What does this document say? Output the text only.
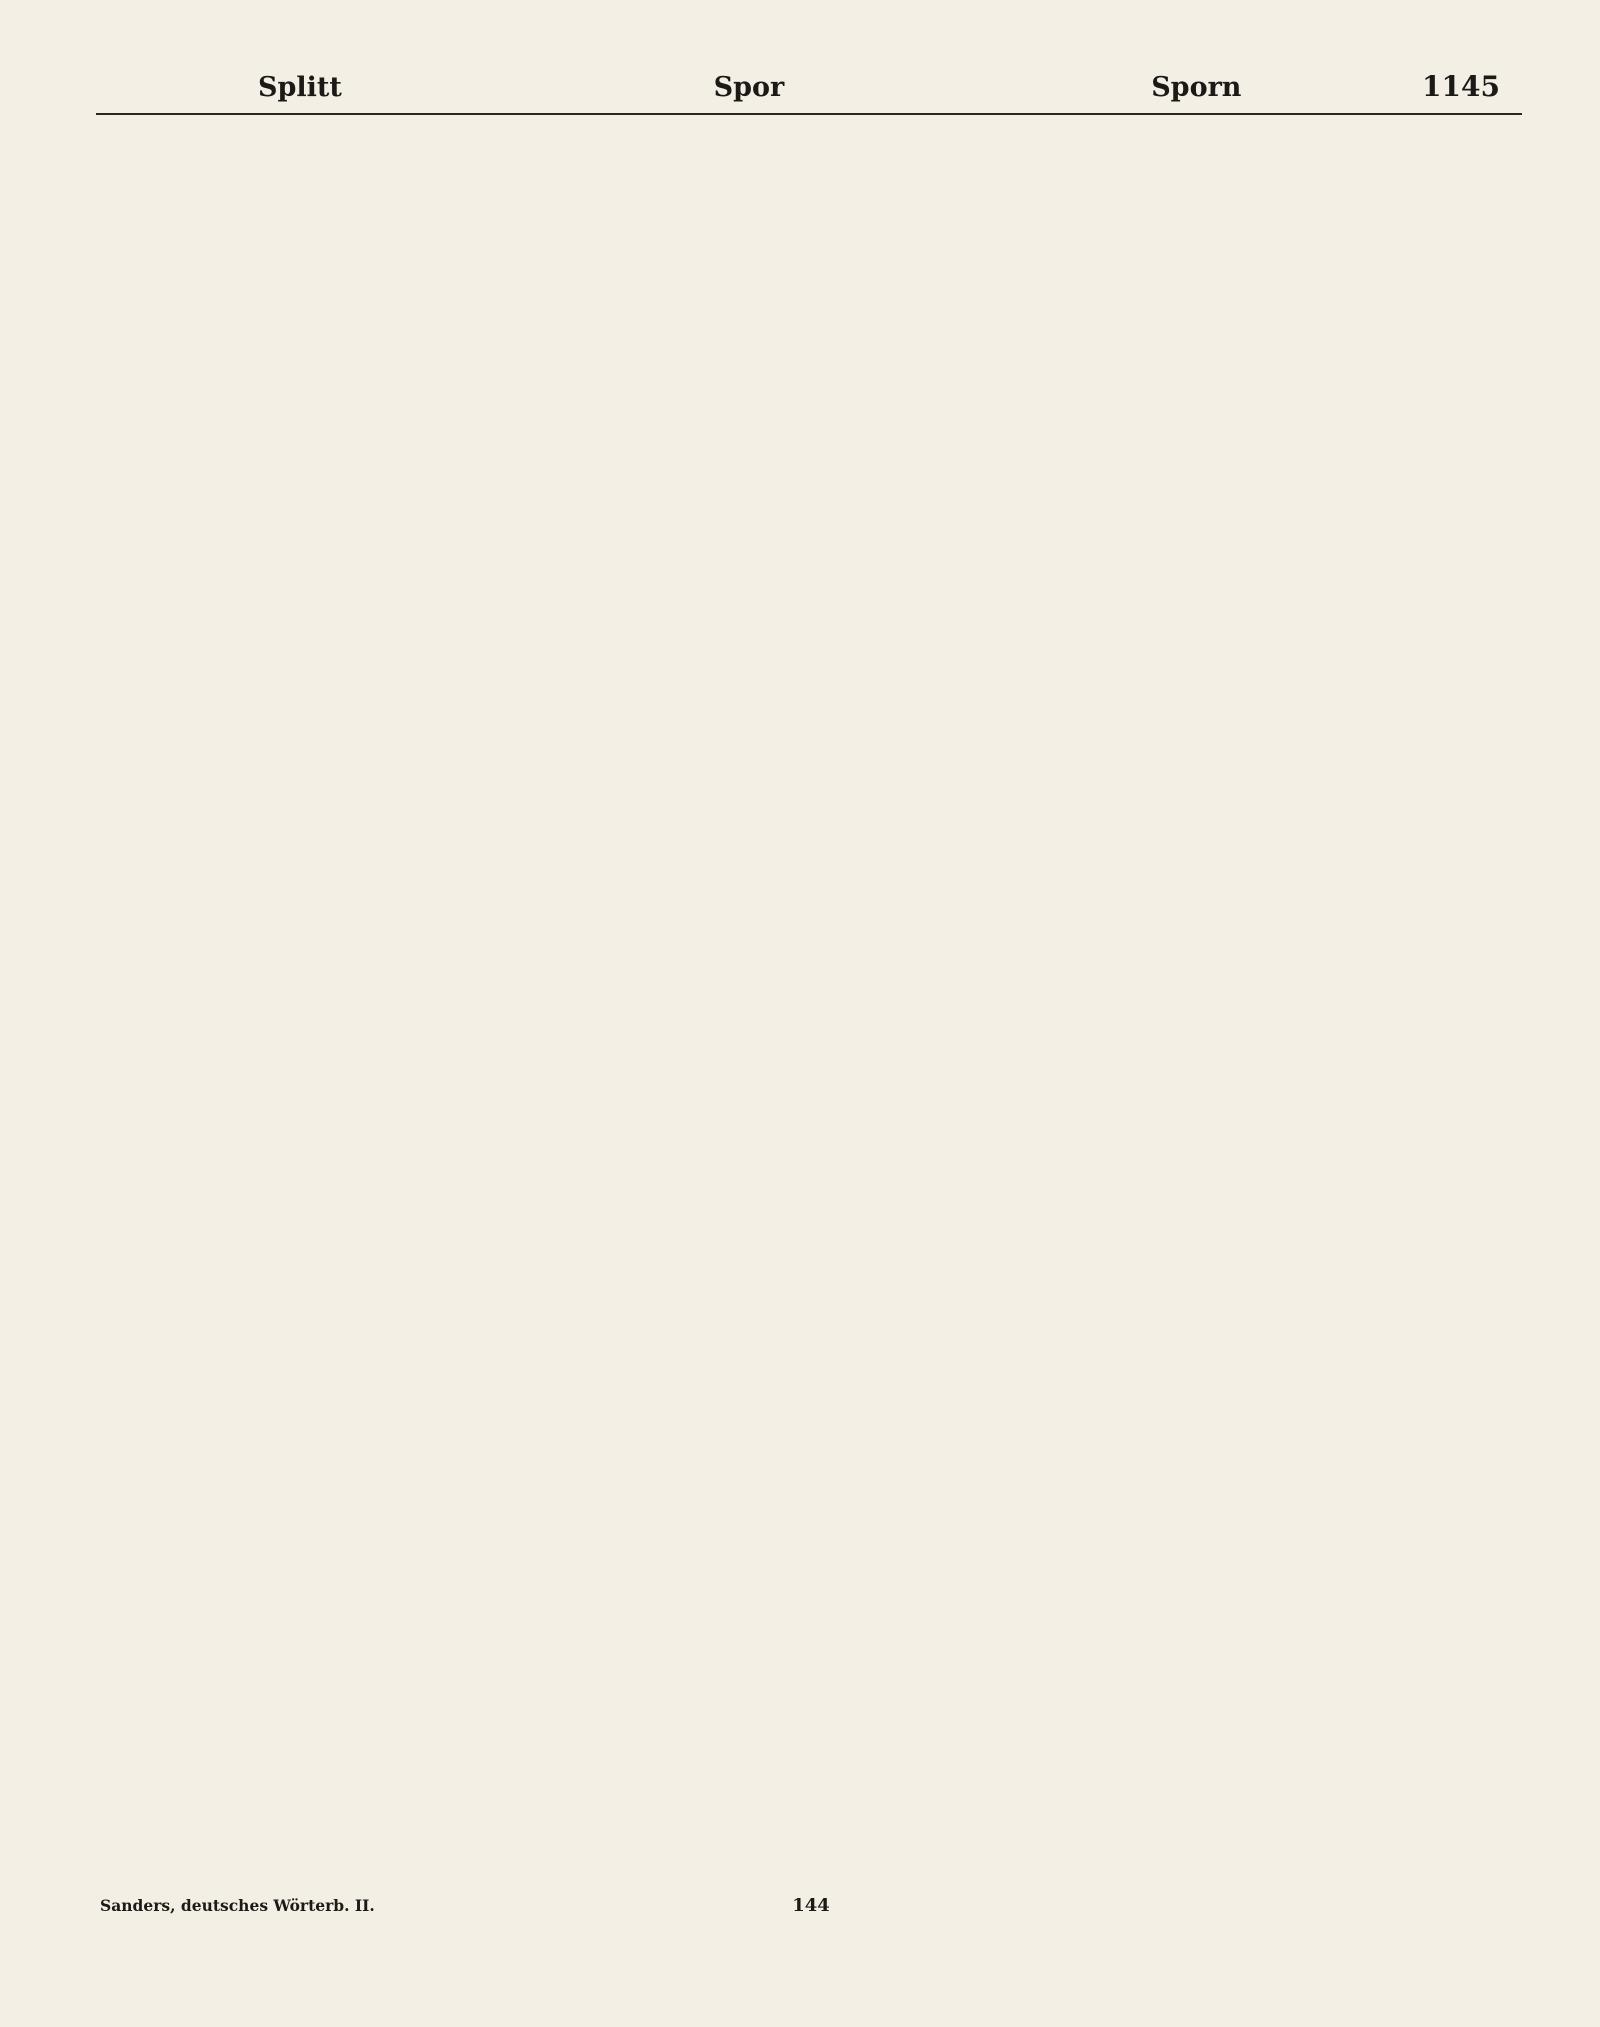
Splitt	Spor	Sporn	1145
Sanders, deutsches Wörterb. II.	144
